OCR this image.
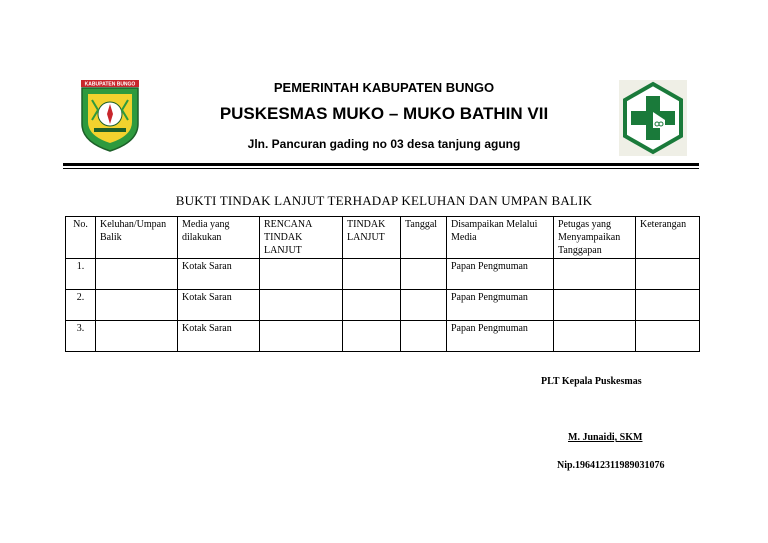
KABUPATEN BUNGO	PEMERINTAH KABUPATEN BUNGO
PUSKESMAS MUKO – MUKO BATHIN VII
Jln. Pancuran gading no 03 desa tanjung agung
BUKTI TINDAK LANJUT TERHADAP KELUHAN DAN UMPAN BALIK
No.	Keluhan/Umpan Balik	Media yang dilakukan	RENCANA TINDAK LANJUT	TINDAK LANJUT	Tanggal	Disampaikan Melalui Media	Petugas yang Menyampaikan Tanggapan	Keterangan
1.		Kotak Saran				Papan Pengmuman		
2.		Kotak Saran				Papan Pengmuman		
3.		Kotak Saran				Papan Pengmuman		
PLT Kepala Puskesmas
M. Junaidi, SKM
Nip.196412311989031076
